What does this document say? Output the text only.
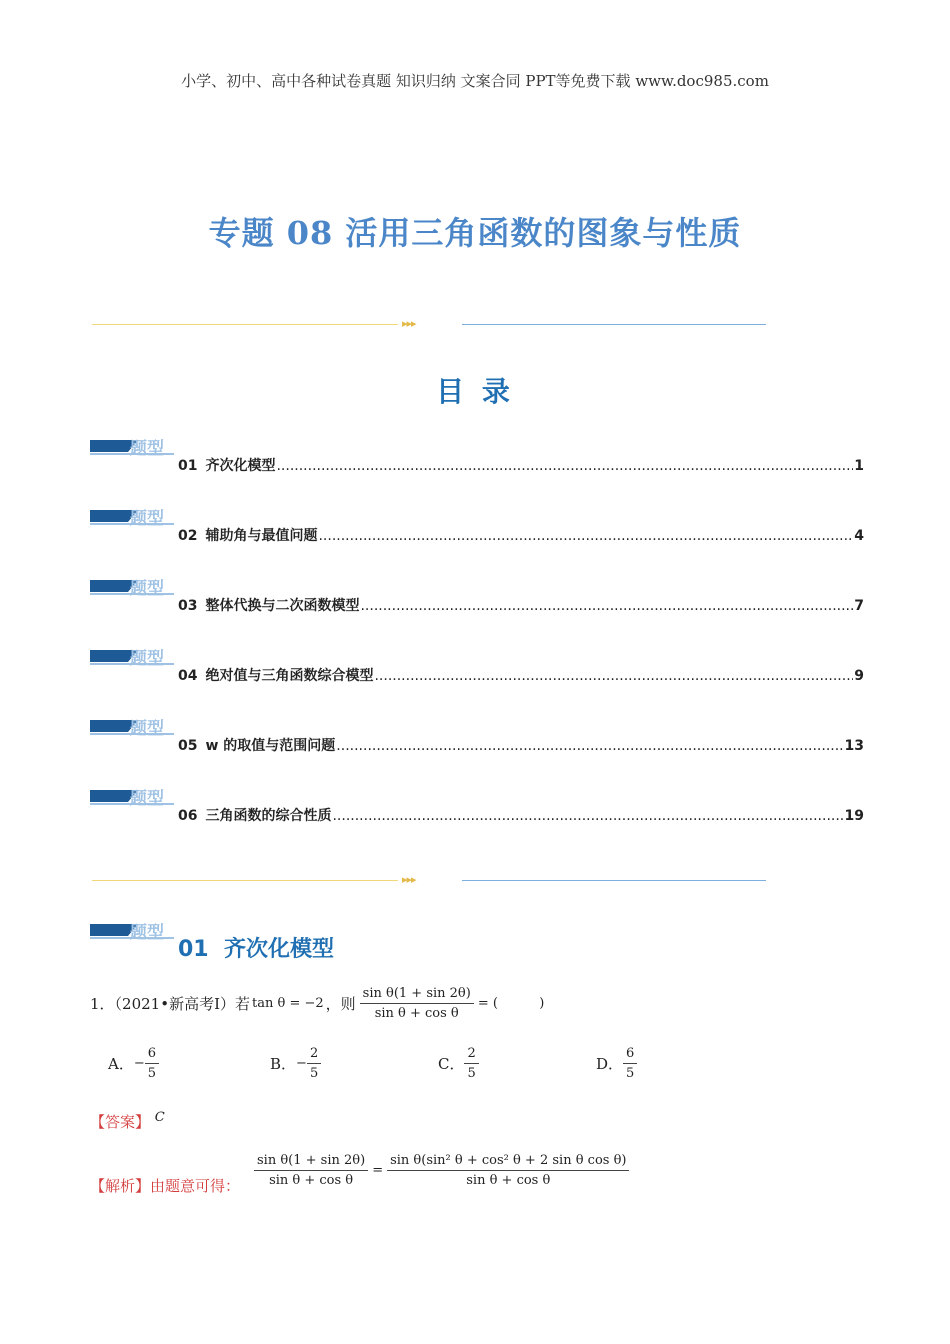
小学、初中、高中各种试卷真题 知识归纳 文案合同 PPT等免费下载 www.doc985.com
专题 08 活用三角函数的图象与性质
▸▸▸
目 录
题型
01 齐次化模型 .....	1
题型
02 辅助角与最值问题 .....	4
题型
03 整体代换与二次函数模型 .....	7
题型
04 绝对值与三角函数综合模型 .....	9
题型
05 w 的取值与范围问题 .....	13
题型
06 三角函数的综合性质 .....	19
▸▸▸
题型
01 齐次化模型
1．（2021•新高考Ⅰ）若 tan θ = −2 ，则 $\frac{\text{sin θ(1 + sin 2θ)}}{\text{sin θ + cos θ}}$ = (          )
A． − $\frac{6}{5}$	B． − $\frac{2}{5}$	C． $\frac{2}{5}$	D． $\frac{6}{5}$
【答案】 C
【解析】由题意可得： $\frac{\text{sin θ(1 + sin 2θ)}}{\text{sin θ + cos θ}} = \frac{\text{sin θ(sin² θ + cos² θ + 2 sin θ cos θ)}}{\text{sin θ + cos θ}}$
